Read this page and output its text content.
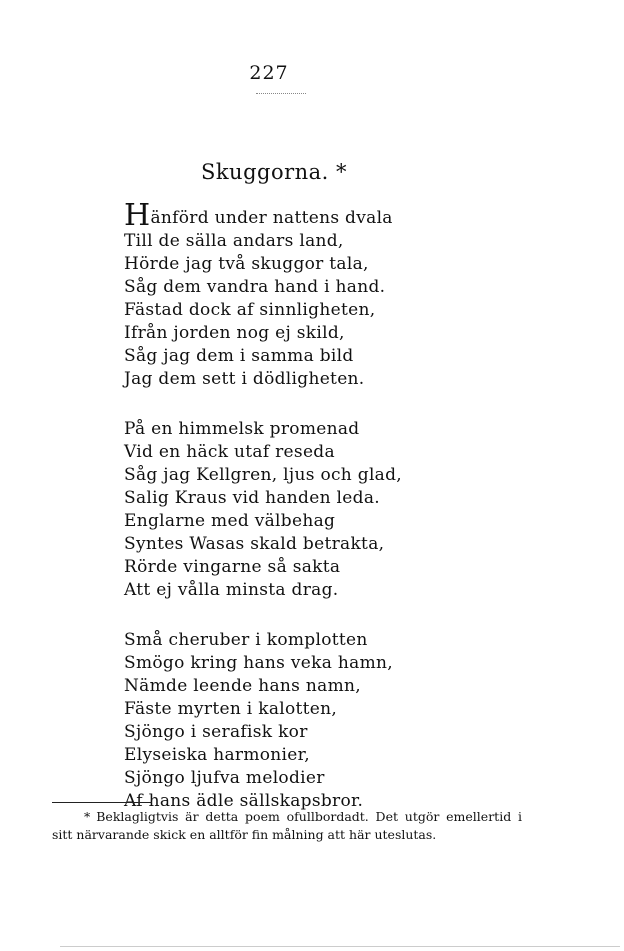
227
Skuggorna. *
Hänförd under nattens dvala
Till de sälla andars land,
Hörde jag två skuggor tala,
Såg dem vandra hand i hand.
Fästad dock af sinnligheten,
Ifrån jorden nog ej skild,
Såg jag dem i samma bild
Jag dem sett i dödligheten.
På en himmelsk promenad
Vid en häck utaf reseda
Såg jag Kellgren, ljus och glad,
Salig Kraus vid handen leda.
Englarne med välbehag
Syntes Wasas skald betrakta,
Rörde vingarne så sakta
Att ej vålla minsta drag.
Små cheruber i komplotten
Smögo kring hans veka hamn,
Nämde leende hans namn,
Fäste myrten i kalotten,
Sjöngo i serafisk kor
Elyseiska harmonier,
Sjöngo ljufva melodier
Af hans ädle sällskapsbror.
* Beklagligtvis är detta poem ofullbordadt. Det utgör emellertid i sitt närvarande skick en alltför fin målning att här uteslutas.
